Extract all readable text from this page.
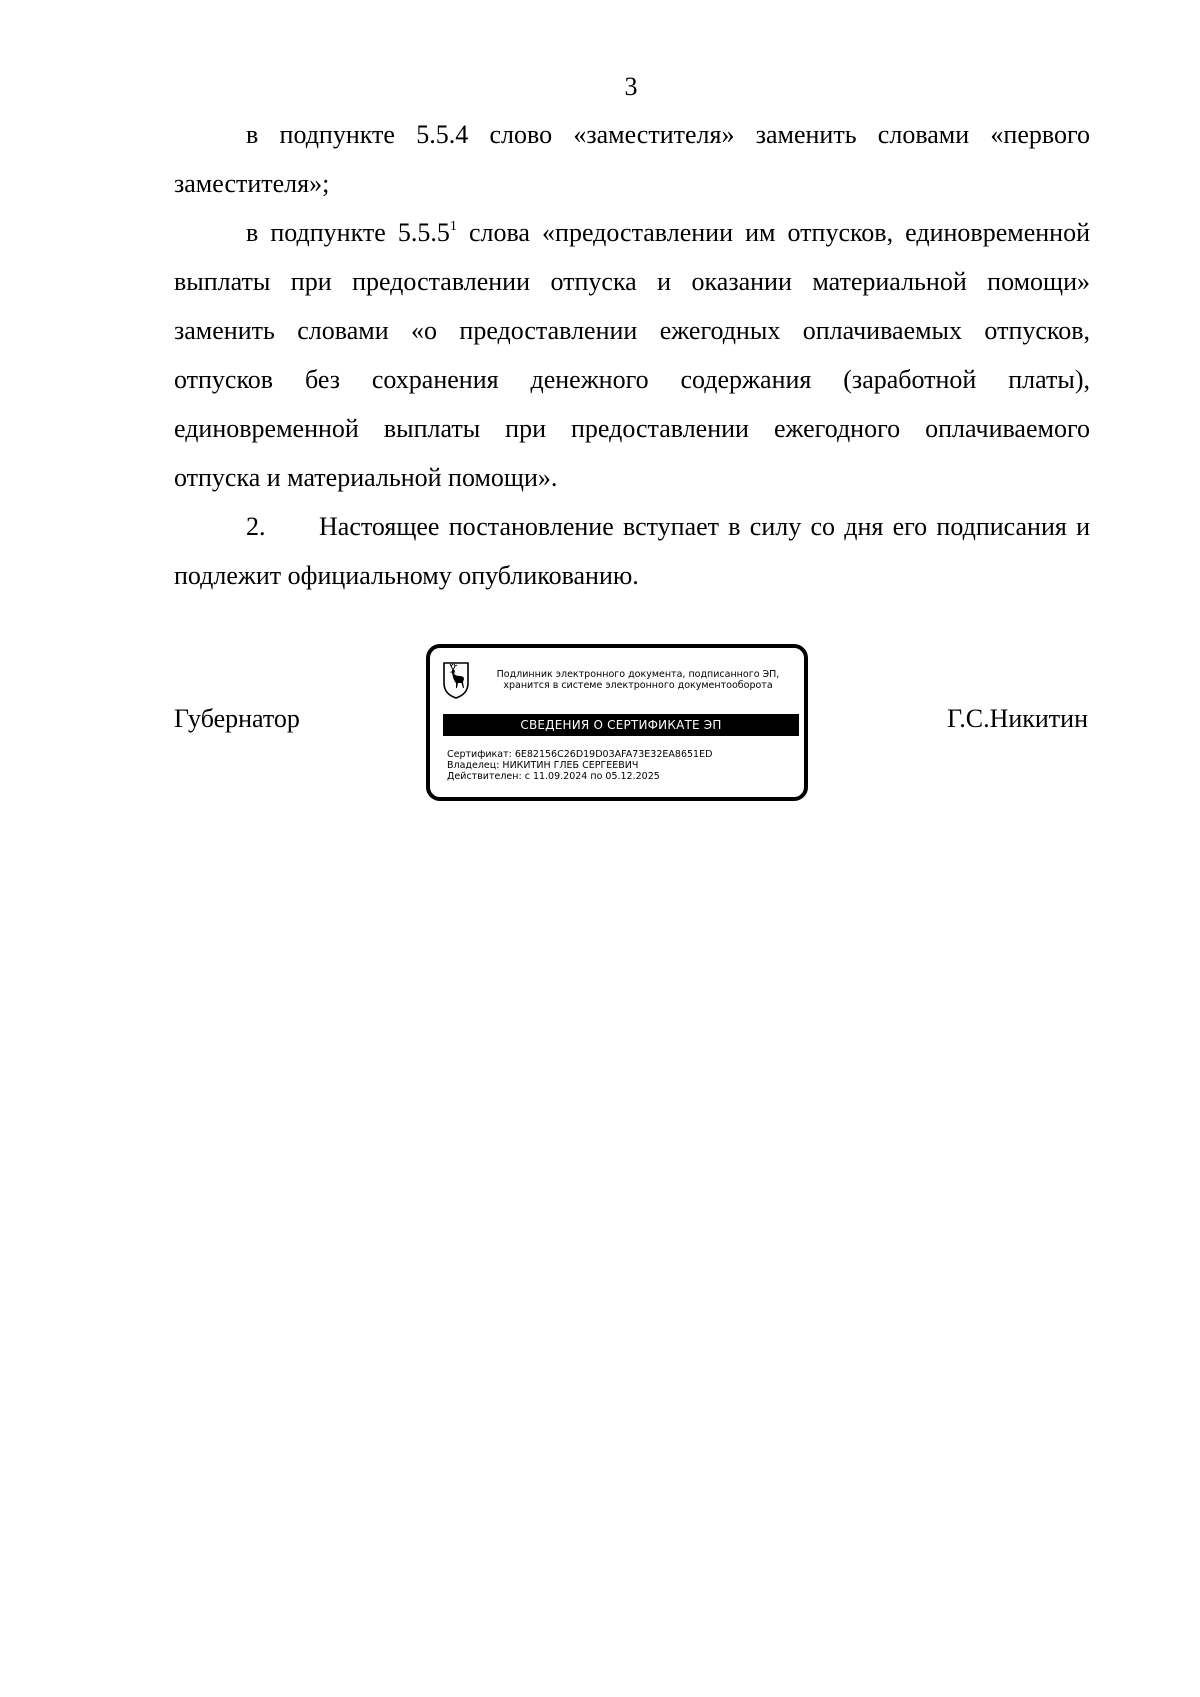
3

в подпункте 5.5.4 слово «заместителя» заменить словами «первого заместителя»;

в подпункте 5.5.5$^1$ слова «предоставлении им отпусков, единовременной выплаты при предоставлении отпуска и оказании материальной помощи» заменить словами «о предоставлении ежегодных оплачиваемых отпусков, отпусков без сохранения денежного содержания (заработной платы), единовременной выплаты при предоставлении ежегодного оплачиваемого отпуска и материальной помощи».

2. Настоящее постановление вступает в силу со дня его подписания и подлежит официальному опубликованию.

Губернатор
Подлинник электронного документа, подписанного ЭП,
хранится в системе электронного документооборота
СВЕДЕНИЯ О СЕРТИФИКАТЕ ЭП
Сертификат: 6E82156C26D19D03AFA73E32EA8651ED
Владелец: НИКИТИН ГЛЕБ СЕРГЕЕВИЧ
Действителен: с 11.09.2024 по 05.12.2025
Г.С.Никитин
